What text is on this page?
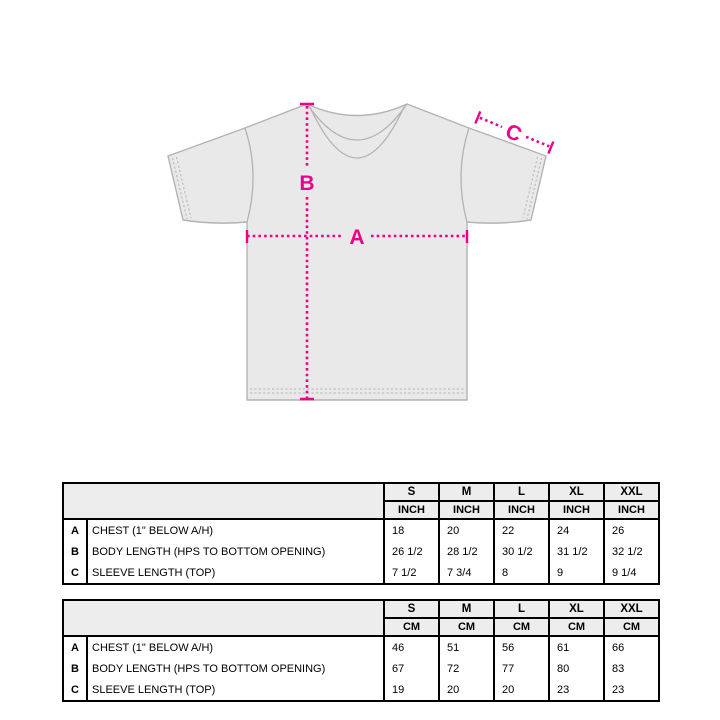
A
B
C
		S	M	L	XL	XXL
		INCH	INCH	INCH	INCH	INCH
A	CHEST (1" BELOW A/H)	18	20	22	24	26
B	BODY LENGTH (HPS TO BOTTOM OPENING)	26 1/2	28 1/2	30 1/2	31 1/2	32 1/2
C	SLEEVE LENGTH (TOP)	7 1/2	7 3/4	8	9	9 1/4
		S	M	L	XL	XXL
		CM	CM	CM	CM	CM
A	CHEST (1" BELOW A/H)	46	51	56	61	66
B	BODY LENGTH (HPS TO BOTTOM OPENING)	67	72	77	80	83
C	SLEEVE LENGTH (TOP)	19	20	20	23	23
